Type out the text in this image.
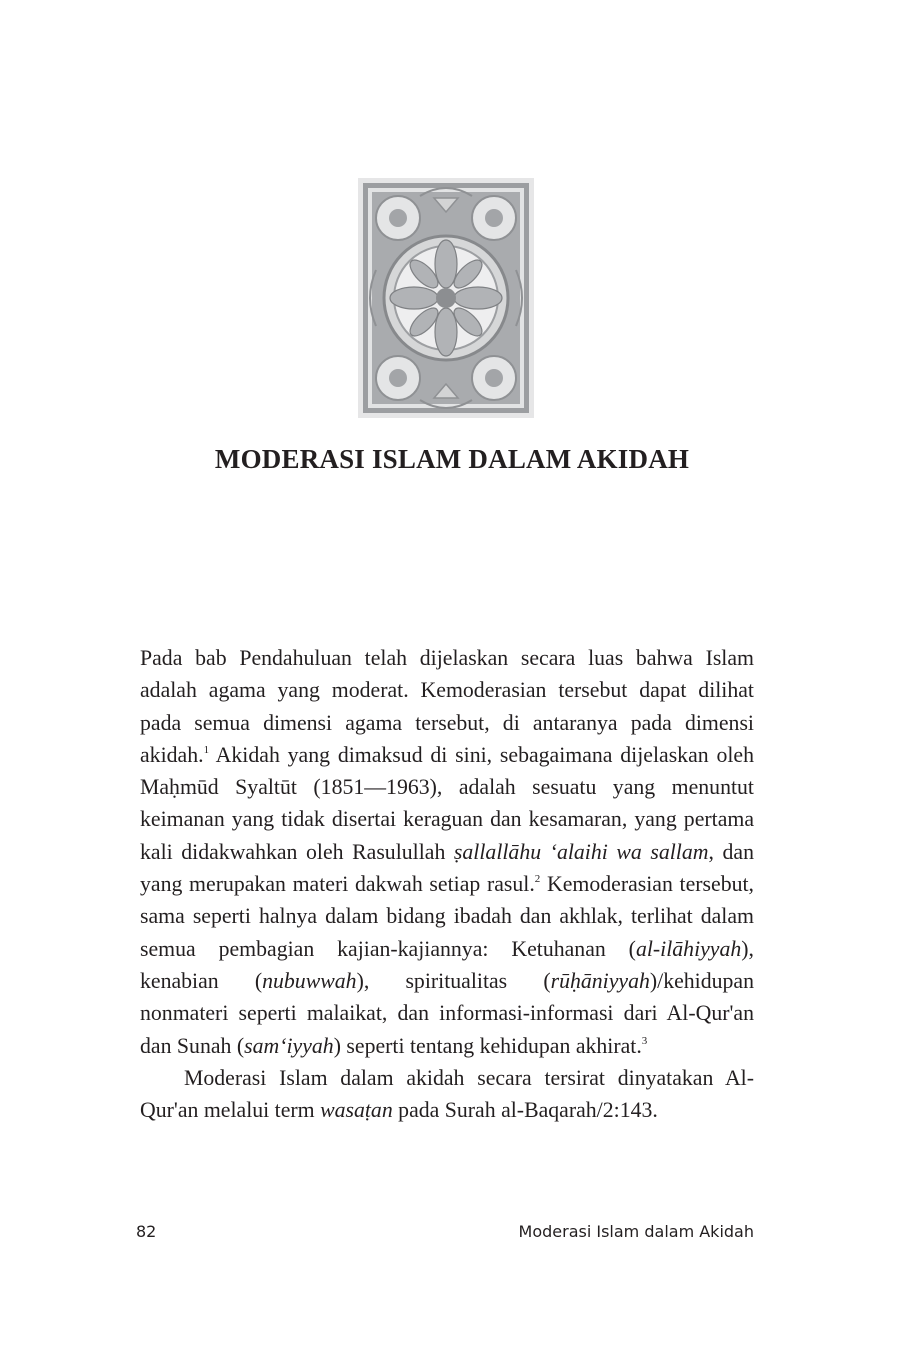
MODERASI ISLAM DALAM AKIDAH

Pada bab Pendahuluan telah dijelaskan secara luas bahwa Islam adalah agama yang moderat. Kemoderasian tersebut dapat dilihat pada semua dimensi agama tersebut, di antaranya pada dimensi akidah.$^1$ Akidah yang dimaksud di sini, sebagaimana dijelaskan oleh Maḥmūd Syaltūt (1851—1963), adalah sesuatu yang menuntut keimanan yang tidak disertai keraguan dan kesamaran, yang pertama kali didakwahkan oleh Rasulullah ṣallallāhu ‘alaihi wa sallam, dan yang merupakan materi dakwah setiap rasul.$^2$ Kemoderasian tersebut, sama seperti halnya dalam bidang ibadah dan akhlak, terlihat dalam semua pembagian kajian-kajiannya: Ketuhanan (al-ilāhiyyah), kenabian (nubuwwah), spiritualitas (rūḥāniyyah)/kehidupan nonmateri seperti malaikat, dan informasi-informasi dari Al-Qur'an dan Sunah (sam‘iyyah) seperti tentang kehidupan akhirat.$^3$

Moderasi Islam dalam akidah secara tersirat dinyatakan Al-Qur'an melalui term wasaṭan pada Surah al-Baqarah/2:143.

82	Moderasi Islam dalam Akidah
